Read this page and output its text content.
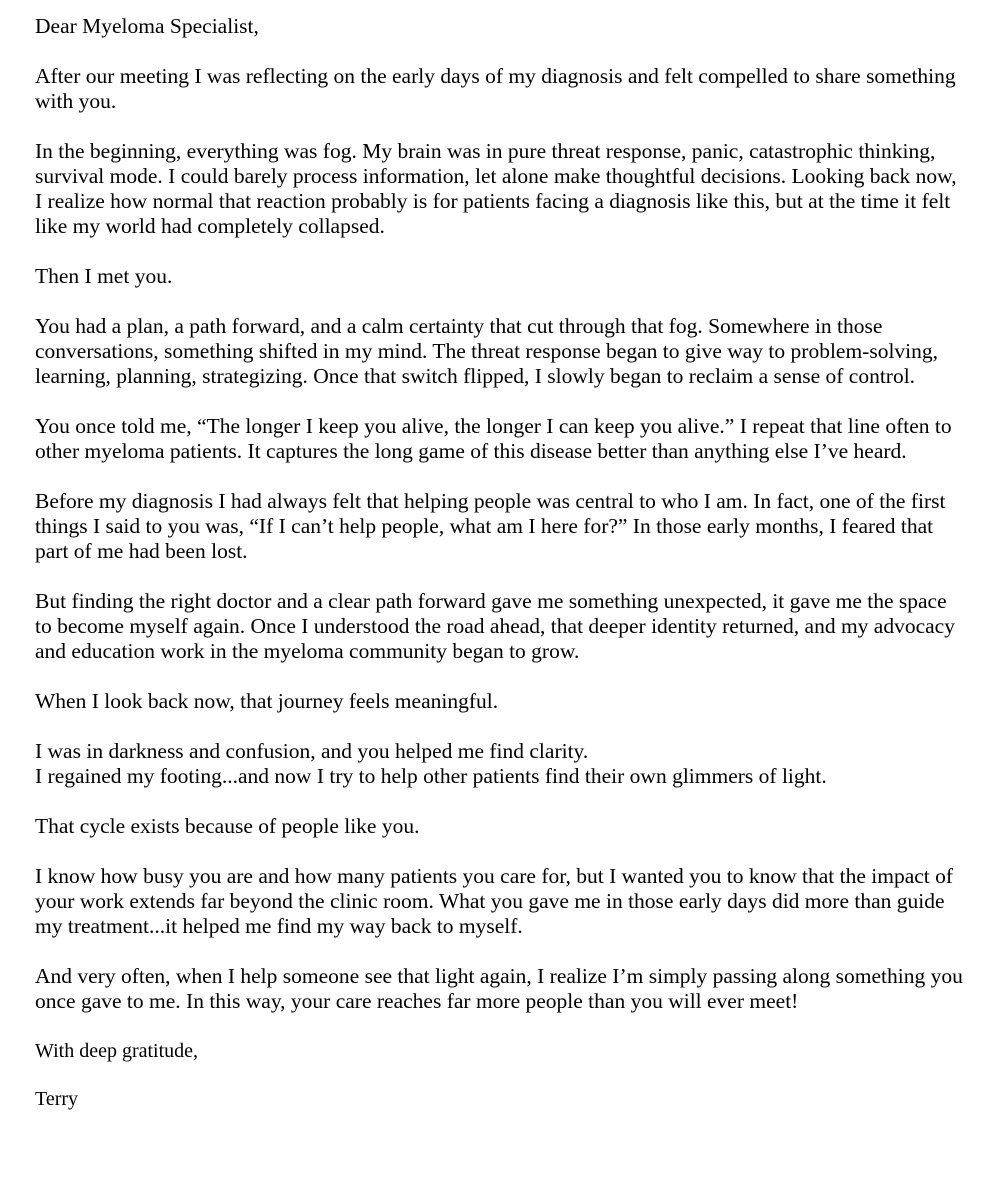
Dear Myeloma Specialist,

After our meeting I was reflecting on the early days of my diagnosis and felt compelled to share something with you.

In the beginning, everything was fog. My brain was in pure threat response, panic, catastrophic thinking, survival mode. I could barely process information, let alone make thoughtful decisions. Looking back now, I realize how normal that reaction probably is for patients facing a diagnosis like this, but at the time it felt like my world had completely collapsed.

Then I met you.

You had a plan, a path forward, and a calm certainty that cut through that fog. Somewhere in those conversations, something shifted in my mind. The threat response began to give way to problem-solving, learning, planning, strategizing. Once that switch flipped, I slowly began to reclaim a sense of control.

You once told me, “The longer I keep you alive, the longer I can keep you alive.” I repeat that line often to other myeloma patients. It captures the long game of this disease better than anything else I’ve heard.

Before my diagnosis I had always felt that helping people was central to who I am. In fact, one of the first things I said to you was, “If I can’t help people, what am I here for?” In those early months, I feared that part of me had been lost.

But finding the right doctor and a clear path forward gave me something unexpected, it gave me the space to become myself again. Once I understood the road ahead, that deeper identity returned, and my advocacy and education work in the myeloma community began to grow.

When I look back now, that journey feels meaningful.

I was in darkness and confusion, and you helped me find clarity.

I regained my footing...and now I try to help other patients find their own glimmers of light.

That cycle exists because of people like you.

I know how busy you are and how many patients you care for, but I wanted you to know that the impact of your work extends far beyond the clinic room. What you gave me in those early days did more than guide my treatment...it helped me find my way back to myself.

And very often, when I help someone see that light again, I realize I’m simply passing along something you once gave to me. In this way, your care reaches far more people than you will ever meet!

With deep gratitude,

Terry
